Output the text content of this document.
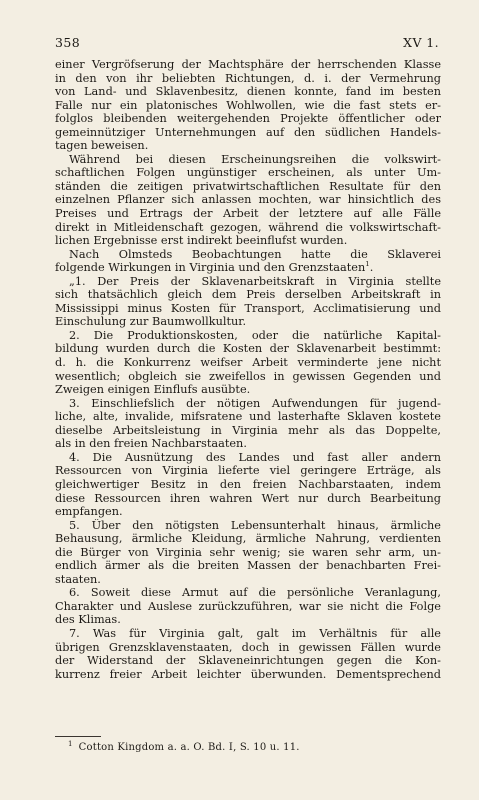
358	XV 1.
einer Vergröfserung der Machtsphäre der herrschenden Klasse
in den von ihr beliebten Richtungen, d. i. der Vermehrung
von Land- und Sklavenbesitz, dienen konnte, fand im besten
Falle nur ein platonisches Wohlwollen, wie die fast stets er-
folglos bleibenden weitergehenden Projekte öffentlicher oder
gemeinnütziger Unternehmungen auf den südlichen Handels-
tagen beweisen.
Während bei diesen Erscheinungsreihen die volkswirt-
schaftlichen Folgen ungünstiger erscheinen, als unter Um-
ständen die zeitigen privatwirtschaftlichen Resultate für den
einzelnen Pflanzer sich anlassen mochten, war hinsichtlich des
Preises und Ertrags der Arbeit der letztere auf alle Fälle
direkt in Mitleidenschaft gezogen, während die volkswirtschaft-
lichen Ergebnisse erst indirekt beeinflufst wurden.
Nach Olmsteds Beobachtungen hatte die Sklaverei
folgende Wirkungen in Virginia und den Grenzstaaten$^1$.
„1. Der Preis der Sklavenarbeitskraft in Virginia stellte
sich thatsächlich gleich dem Preis derselben Arbeitskraft in
Mississippi minus Kosten für Transport, Acclimatisierung und
Einschulung zur Baumwollkultur.
2. Die Produktionskosten, oder die natürliche Kapital-
bildung wurden durch die Kosten der Sklavenarbeit bestimmt:
d. h. die Konkurrenz weifser Arbeit verminderte jene nicht
wesentlich; obgleich sie zweifellos in gewissen Gegenden und
Zweigen einigen Einflufs ausübte.
3. Einschliefslich der nötigen Aufwendungen für jugend-
liche, alte, invalide, mifsratene und lasterhafte Sklaven kostete
dieselbe Arbeitsleistung in Virginia mehr als das Doppelte,
als in den freien Nachbarstaaten.
4. Die Ausnützung des Landes und fast aller andern
Ressourcen von Virginia lieferte viel geringere Erträge, als
gleichwertiger Besitz in den freien Nachbarstaaten, indem
diese Ressourcen ihren wahren Wert nur durch Bearbeitung
empfangen.
5. Über den nötigsten Lebensunterhalt hinaus, ärmliche
Behausung, ärmliche Kleidung, ärmliche Nahrung, verdienten
die Bürger von Virginia sehr wenig; sie waren sehr arm, un-
endlich ärmer als die breiten Massen der benachbarten Frei-
staaten.
6. Soweit diese Armut auf die persönliche Veranlagung,
Charakter und Auslese zurückzuführen, war sie nicht die Folge
des Klimas.
7. Was für Virginia galt, galt im Verhältnis für alle
übrigen Grenzsklavenstaaten, doch in gewissen Fällen wurde
der Widerstand der Sklaveneinrichtungen gegen die Kon-
kurrenz freier Arbeit leichter überwunden. Dementsprechend
$^1$ Cotton Kingdom a. a. O. Bd. I, S. 10 u. 11.
